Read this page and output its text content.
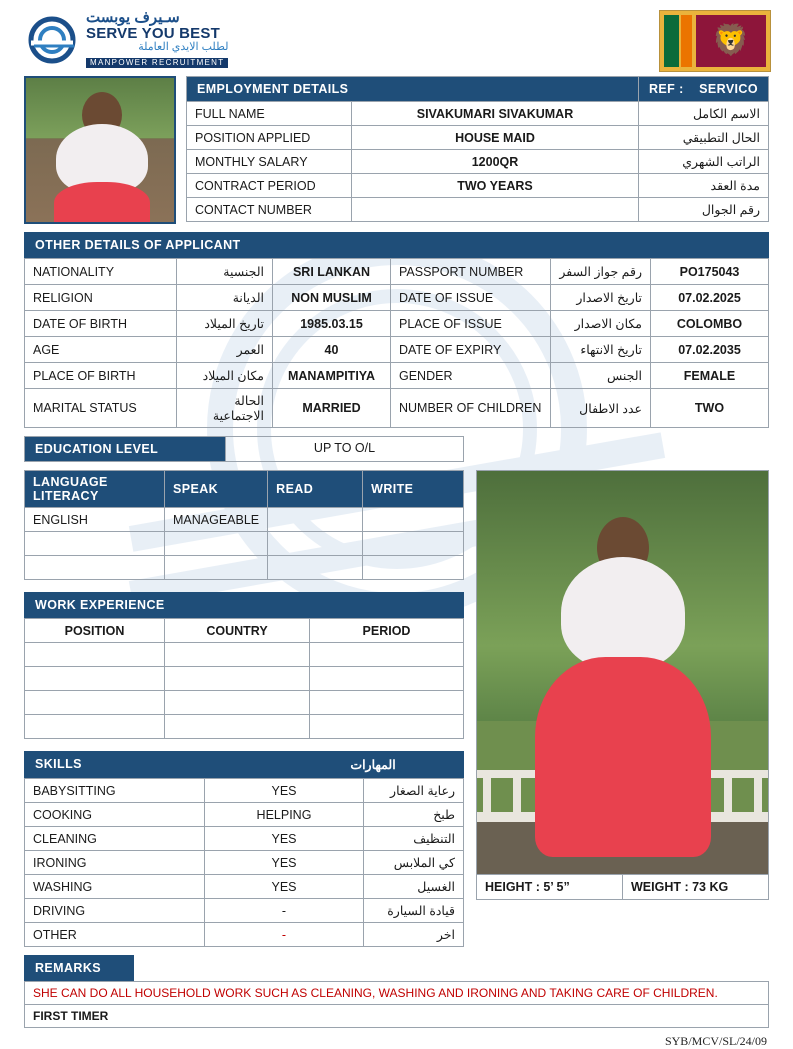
سـيرف يوبست
SERVE YOU BEST
لطلب الايدي العاملة
MANPOWER RECRUITMENT
🦁
EMPLOYMENT DETAILS	REF : SERVICO
FULL NAME	SIVAKUMARI SIVAKUMAR	الاسم الكامل
POSITION APPLIED	HOUSE MAID	الحال التطبيقي
MONTHLY SALARY	1200QR	الراتب الشهري
CONTRACT PERIOD	TWO YEARS	مدة العقد
CONTACT NUMBER		رقم الجوال
OTHER DETAILS OF APPLICANT
NATIONALITY	الجنسية	SRI LANKAN	PASSPORT NUMBER	رقم جواز السفر	PO175043
RELIGION	الديانة	NON MUSLIM	DATE OF ISSUE	تاريخ الاصدار	07.02.2025
DATE OF BIRTH	تاريخ الميلاد	1985.03.15	PLACE OF ISSUE	مكان الاصدار	COLOMBO
AGE	العمر	40	DATE OF EXPIRY	تاريخ الانتهاء	07.02.2035
PLACE OF BIRTH	مكان الميلاد	MANAMPITIYA	GENDER	الجنس	FEMALE
MARITAL STATUS	الحالة الاجتماعية	MARRIED	NUMBER OF CHILDREN	عدد الاطفال	TWO
EDUCATION LEVEL	UP TO O/L
LANGUAGE LITERACY	SPEAK	READ	WRITE
ENGLISH	MANAGEABLE		

WORK EXPERIENCE
POSITION	COUNTRY	PERIOD

SKILLS	المهارات
BABYSITTING	YES	رعاية الصغار
COOKING	HELPING	طبخ
CLEANING	YES	التنظيف
IRONING	YES	كي الملابس
WASHING	YES	الغسيل
DRIVING	-	قيادة السيارة
OTHER	-	اخر
HEIGHT : 5’ 5”	WEIGHT : 73 KG
REMARKS
SHE CAN DO ALL HOUSEHOLD WORK SUCH AS CLEANING, WASHING AND IRONING AND TAKING CARE OF CHILDREN.
FIRST TIMER
SYB/MCV/SL/24/09
